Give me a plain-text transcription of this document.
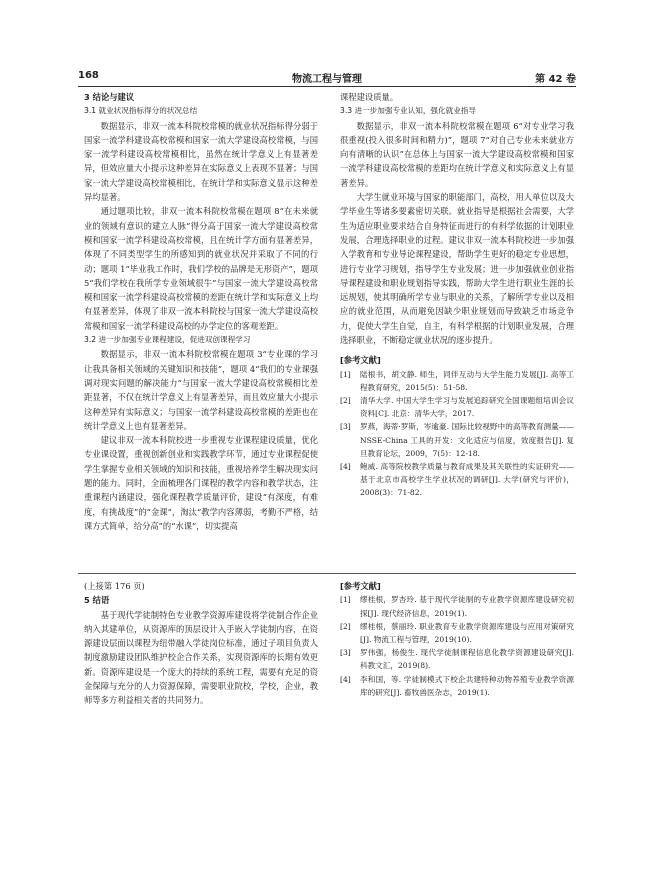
168	物流工程与管理	第 42 卷

3 结论与建议

3.1 就业状况指标得分的状况总结

数据显示，非双一流本科院校常模的就业状况指标得分弱于国家一流学科建设高校常模和国家一流大学建设高校常模，与国家一流学科建设高校常模相比，虽然在统计学意义上有显著差异，但效应量大小提示这种差异在实际意义上表现不显著；与国家一流大学建设高校常模相比，在统计学和实际意义显示这种差异均显著。

通过题项比较，非双一流本科院校常模在题项 8“在未来就业的领域有意识的建立人脉”得分高于国家一流大学建设高校常模和国家一流学科建设高校常模，且在统计学方面有显著差异，体现了不同类型学生的所感知到的就业状况并采取了不同的行动；题项 1“毕业我工作时，我们学校的品牌是无形资产”，题项 5“我们学校在我所学专业领域很牛”与国家一流大学建设高校常模和国家一流学科建设高校常模的差距在统计学和实际意义上均有显著差异，体现了非双一流本科院校与国家一流大学建设高校常模和国家一流学科建设高校的办学定位的客观差距。

3.2 进一步加强专业课程建设，促进双创课程学习

数据显示，非双一流本科院校常模在题项 3“专业课的学习让我具备相关领域的关键知识和技能”，题项 4“我们的专业课强调对现实问题的解决能力”与国家一流大学建设高校常模相比差距显著，不仅在统计学意义上有显著差异，而且效应量大小提示这种差异有实际意义；与国家一流学科建设高校常模的差距也在统计学意义上也有显著差异。

建议非双一流本科院校进一步重视专业课程建设质量，优化专业课设置，重视创新创业和实践教学环节，通过专业课程促使学生掌握专业相关领域的知识和技能，重视培养学生解决现实问题的能力。同时，全面梳理各门课程的教学内容和教学状态，注重课程内涵建设，强化课程教学质量评价，建设“有深度，有难度，有挑战度”的“金课”，淘汰“教学内容薄弱，考勤不严格，结课方式简单，给分高”的“水课”，切实提高

课程建设质量。

3.3 进一步加强专业认知，强化就业指导

数据显示，非双一流本科院校常模在题项 6“对专业学习我很重视(投入很多时间和精力)”，题项 7“对自己专业未来就业方向有清晰的认识”在总体上与国家一流大学建设高校常模和国家一流学科建设高校常模的差距均在统计学意义和实际意义上有显著差异。

大学生就业环境与国家的职能部门，高校，用人单位以及大学毕业生等诸多要素密切关联。就业指导是根据社会需要，大学生为适应职业要求结合自身特征而进行的有科学依据的计划职业发展，合理选择职业的过程。建议非双一流本科院校进一步加强入学教育和专业导论课程建设，帮助学生更好的稳定专业思想，进行专业学习规划，指导学生专业发展；进一步加强就业创业指导课程建设和职业规划指导实践，帮助大学生进行职业生涯的长远规划，使其明确所学专业与职业的关系，了解所学专业以及相应的就业范围，从而避免因缺少职业规划而导致缺乏市场竞争力，促使大学生自觉，自主，有科学根据的计划职业发展，合理选择职业，不断稳定就业状况的逐步提升。

[参考文献]

[1]	陆根书，胡文静. 师生，同伴互动与大学生能力发展[J]. 高等工程教育研究，2015(5)：51-58.
[2]	清华大学. 中国大学生学习与发展追踪研究全国课题组培训会议资料[C]. 北京：清华大学，2017.
[3]	罗燕，海蒂·罗斯，岑逾豪. 国际比较视野中的高等教育测量——NSSE-China 工具的开发：文化适应与信度，效度报告[J]. 复旦教育论坛，2009，7(5)：12-18.
[4]	鲍威. 高等院校教学质量与教育成果及其关联性的实证研究——基于北京市高校学生学业状况的调研[J]. 大学(研究与评价)，2008(3)：71-82.

(上接第 176 页)

5 结语

基于现代学徒制特色专业教学资源库建设将学徒制合作企业纳入其建单位，从资源库的顶层设计入手嵌入学徒制内容，在资源建设层面以课程为纽带融入学徒岗位标准，通过子项目负责人制度激励建设团队维护校企合作关系，实现资源库的长期有效更新。资源库建设是一个庞大的持续的系统工程，需要有充足的资金保障与充分的人力资源保障，需要职业院校，学校，企业，教师等多方利益相关者的共同努力。

[参考文献]

[1]	缪桂根，罗杏玲. 基于现代学徒制的专业教学资源库建设研究初探[J]. 现代经济信息，2019(1).
[2]	缪桂根，蔡丽玲. 职业教育专业教学资源库建设与应用对策研究[J]. 物流工程与管理，2019(10).
[3]	罗伟强，杨俊生. 现代学徒制课程信息化教学资源建设研究[J]. 科教文汇，2019(8).
[4]	李和国，等. 学徒制模式下校企共建特种动物养殖专业教学资源库的研究[J]. 畜牧兽医杂志，2019(1).
